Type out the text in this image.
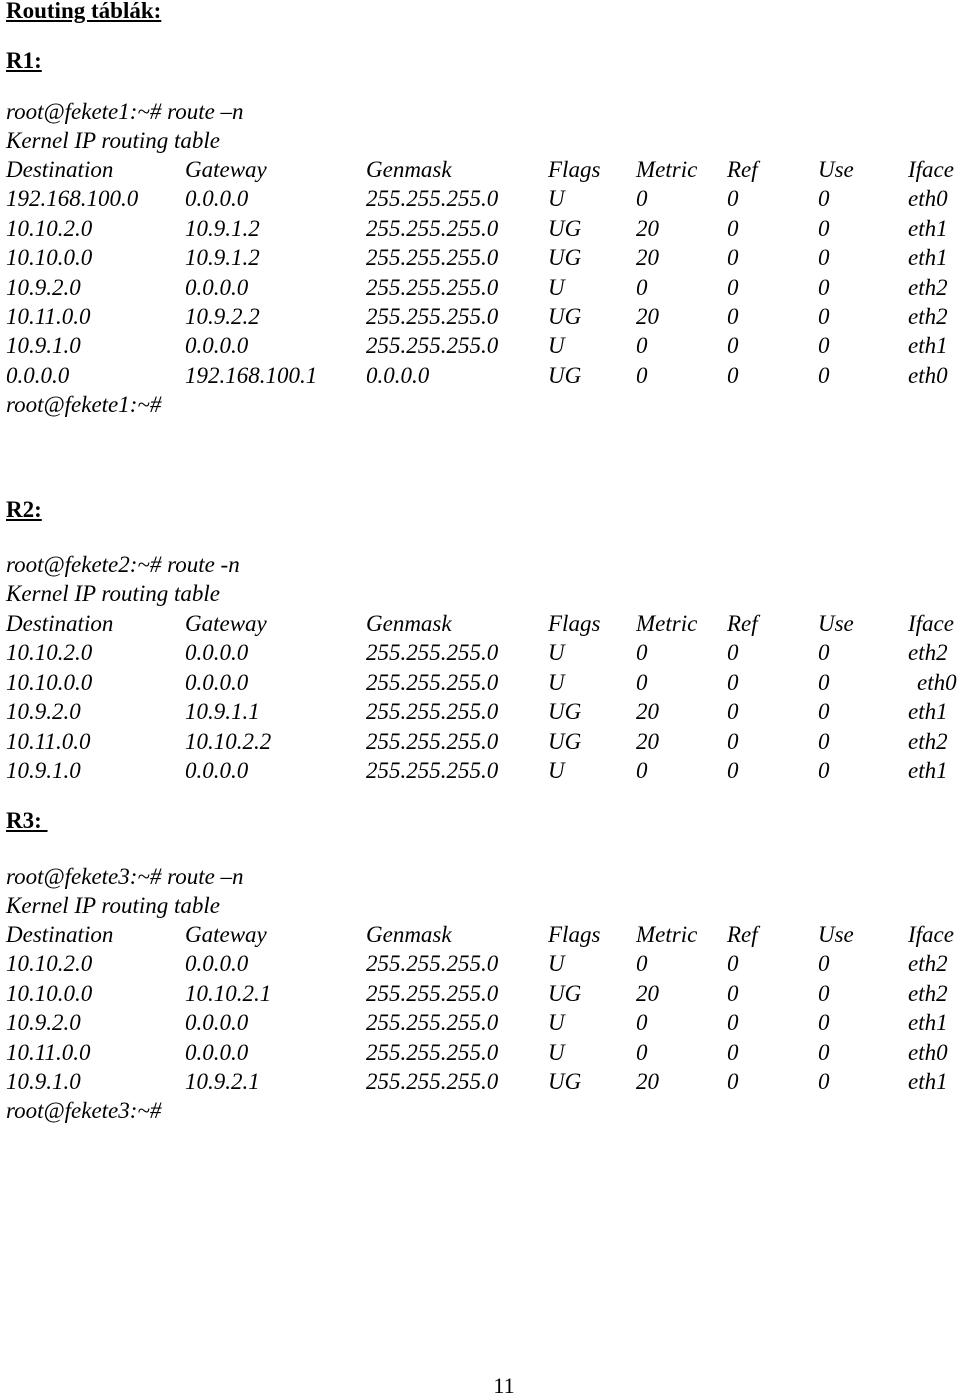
Routing táblák:
R1:
root@fekete1:~# route –n
Kernel IP routing table
Destination	Gateway	Genmask	Flags Metric Ref	Use Iface
192.168.100.0 0.0.0.0	255.255.255.0 U	0	0	0	eth0
10.10.2.0	10.9.1.2	255.255.255.0 UG 20	0	0	eth1
10.10.0.0	10.9.1.2	255.255.255.0 UG 20	0	0	eth1
10.9.2.0	0.0.0.0	255.255.255.0 U	0	0	0	eth2
10.11.0.0	10.9.2.2	255.255.255.0 UG 20	0	0	eth2
10.9.1.0	0.0.0.0	255.255.255.0 U	0	0	0	eth1
0.0.0.0	192.168.100.1 0.0.0.0	UG 0	0	0	eth0
root@fekete1:~#
R2:
root@fekete2:~# route -n
Kernel IP routing table
Destination	Gateway	Genmask	Flags Metric Ref	Use Iface
10.10.2.0	0.0.0.0	255.255.255.0 U	0	0	0	eth2
10.10.0.0	0.0.0.0	255.255.255.0 U	0	0	0	eth0
10.9.2.0	10.9.1.1	255.255.255.0 UG 20	0	0	eth1
10.11.0.0	10.10.2.2	255.255.255.0 UG 20	0	0	eth2
10.9.1.0	0.0.0.0	255.255.255.0 U	0	0	0	eth1
R3:
root@fekete3:~# route –n
Kernel IP routing table
Destination	Gateway	Genmask	Flags Metric Ref	Use Iface
10.10.2.0	0.0.0.0	255.255.255.0 U	0	0	0	eth2
10.10.0.0	10.10.2.1	255.255.255.0 UG 20	0	0	eth2
10.9.2.0	0.0.0.0	255.255.255.0 U	0	0	0	eth1
10.11.0.0	0.0.0.0	255.255.255.0 U	0	0	0	eth0
10.9.1.0	10.9.2.1	255.255.255.0 UG 20	0	0	eth1
root@fekete3:~#
11
